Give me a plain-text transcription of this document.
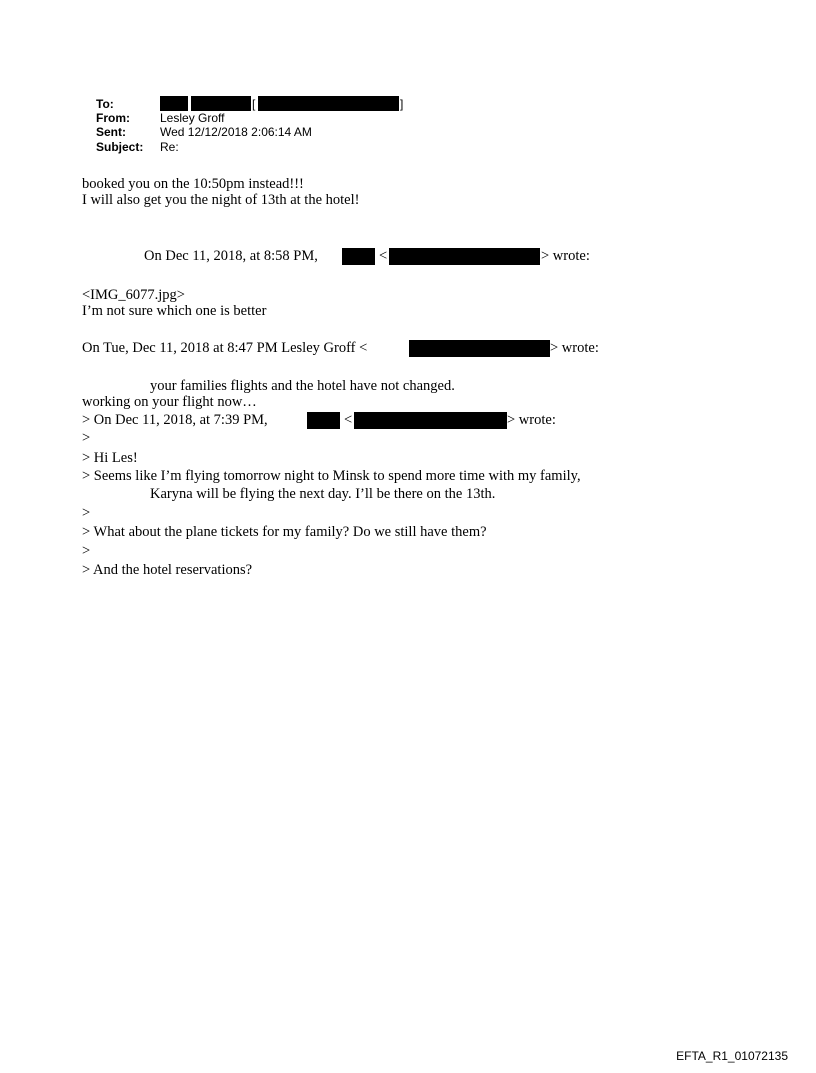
To:	[	]
From:	Lesley Groff
Sent:	Wed 12/12/2018 2:06:14 AM
Subject: Re:
booked you on the 10:50pm instead!!!
I will also get you the night of 13th at the hotel!
On Dec 11, 2018, at 8:58 PM,	<	> wrote:
<IMG_6077.jpg>
I’m not sure which one is better
On Tue, Dec 11, 2018 at 8:47 PM Lesley Groff <	> wrote:
your families flights and the hotel have not changed.
working on your flight now…
> On Dec 11, 2018, at 7:39 PM,	<	> wrote:
>
> Hi Les!
> Seems like I’m flying tomorrow night to Minsk to spend more time with my family,
Karyna will be flying the next day. I’ll be there on the 13th.
>
> What about the plane tickets for my family? Do we still have them?
>
> And the hotel reservations?
EFTA_R1_01072135
